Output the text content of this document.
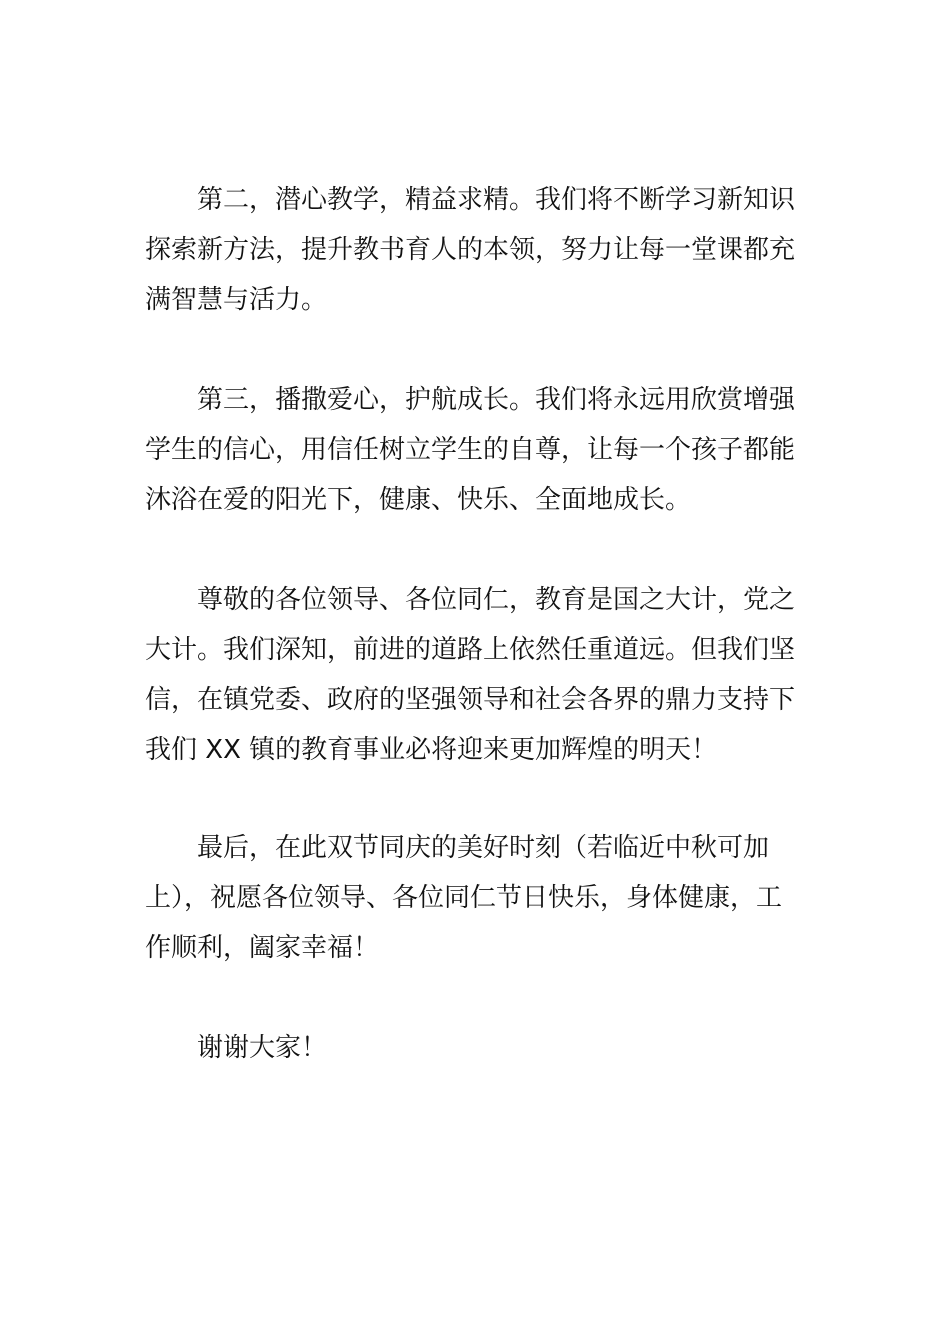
第二，潜心教学，精益求精。我们将不断学习新知识
探索新方法，提升教书育人的本领，努力让每一堂课都充
满智慧与活力。
第三，播撒爱心，护航成长。我们将永远用欣赏增强
学生的信心，用信任树立学生的自尊，让每一个孩子都能
沐浴在爱的阳光下，健康、快乐、全面地成长。
尊敬的各位领导、各位同仁，教育是国之大计，党之
大计。我们深知，前进的道路上依然任重道远。但我们坚
信，在镇党委、政府的坚强领导和社会各界的鼎力支持下
我们 XX 镇的教育事业必将迎来更加辉煌的明天！
最后，在此双节同庆的美好时刻（若临近中秋可加
上），祝愿各位领导、各位同仁节日快乐，身体健康，工
作顺利，阖家幸福！
谢谢大家！
